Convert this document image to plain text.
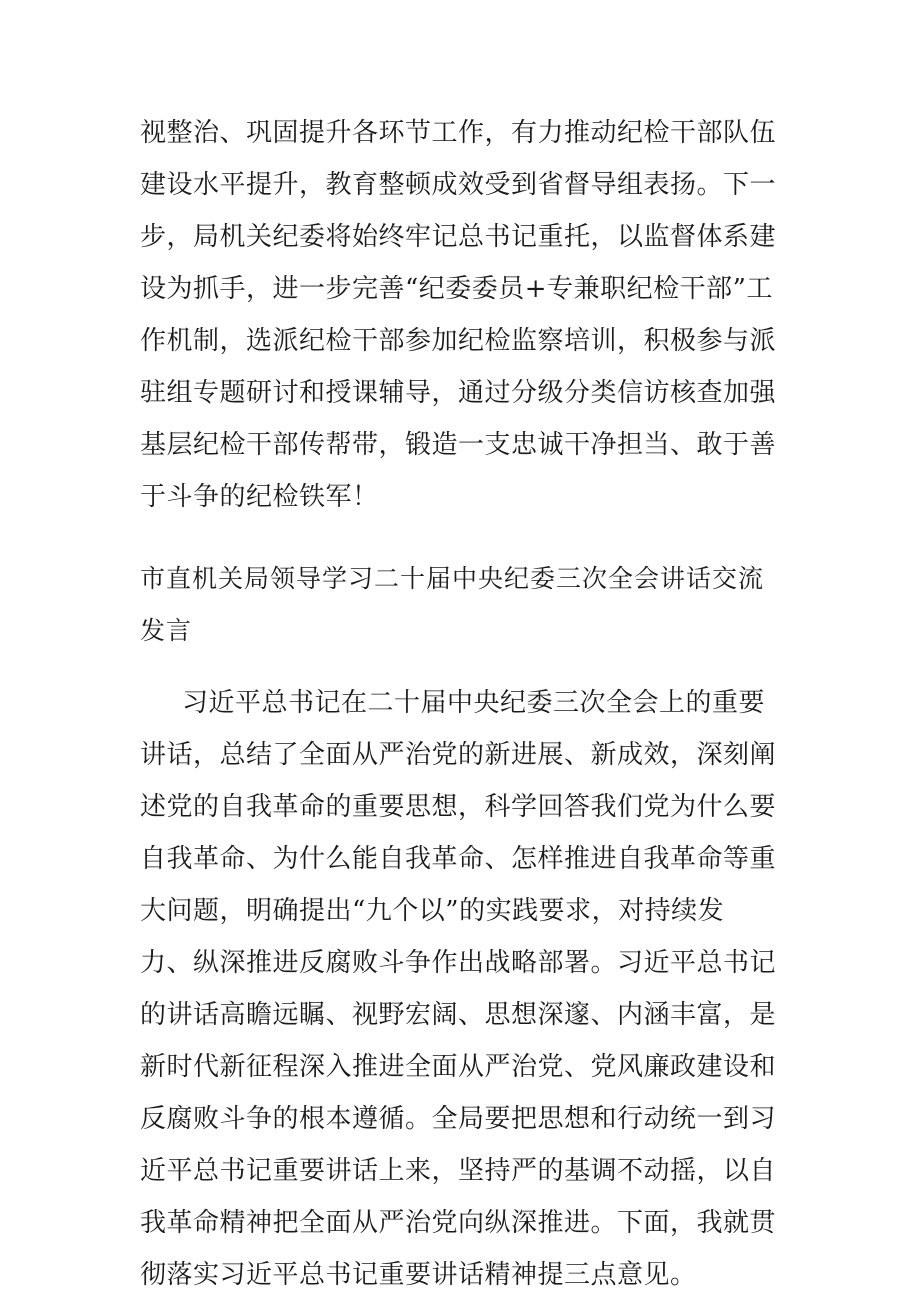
视整治、巩固提升各环节工作，有力推动纪检干部队伍
建设水平提升，教育整顿成效受到省督导组表扬。下一
步，局机关纪委将始终牢记总书记重托，以监督体系建
设为抓手，进一步完善“纪委委员+专兼职纪检干部”工
作机制，选派纪检干部参加纪检监察培训，积极参与派
驻组专题研讨和授课辅导，通过分级分类信访核查加强
基层纪检干部传帮带，锻造一支忠诚干净担当、敢于善
于斗争的纪检铁军！
市直机关局领导学习二十届中央纪委三次全会讲话交流
发言
习近平总书记在二十届中央纪委三次全会上的重要
讲话，总结了全面从严治党的新进展、新成效，深刻阐
述党的自我革命的重要思想，科学回答我们党为什么要
自我革命、为什么能自我革命、怎样推进自我革命等重
大问题，明确提出“九个以”的实践要求，对持续发
力、纵深推进反腐败斗争作出战略部署。习近平总书记
的讲话高瞻远瞩、视野宏阔、思想深邃、内涵丰富，是
新时代新征程深入推进全面从严治党、党风廉政建设和
反腐败斗争的根本遵循。全局要把思想和行动统一到习
近平总书记重要讲话上来，坚持严的基调不动摇，以自
我革命精神把全面从严治党向纵深推进。下面，我就贯
彻落实习近平总书记重要讲话精神提三点意见。
